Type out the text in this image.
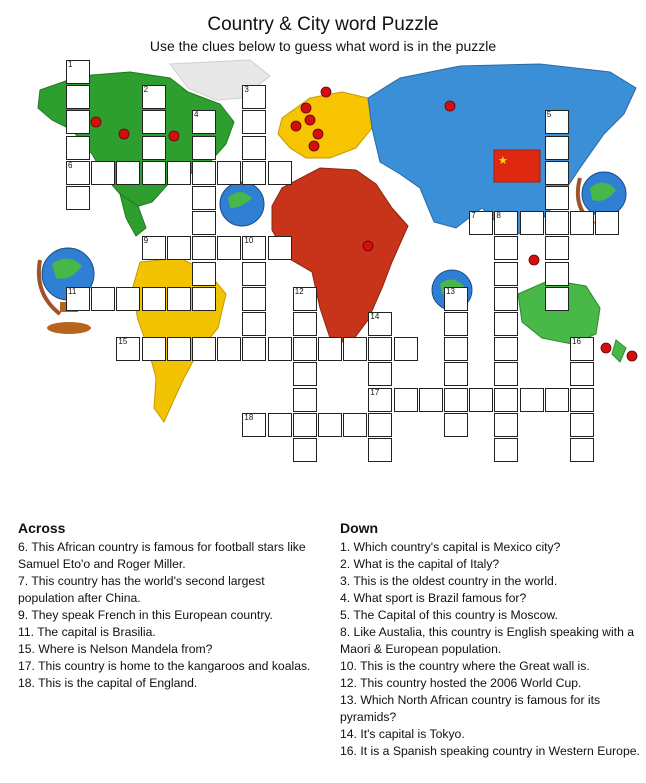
Country & City word Puzzle
Use the clues below to guess what word is in the puzzle
★
1
2	3
4	5
6
7	8
9	10
11	12	13
14
15	16
17
18
Across

6. This African country is famous for football stars like Samuel Eto'o and Roger Miller.

7. This country has the world's second largest population after China.

9. They speak French in this European country.

11. The capital is Brasilia.

15. Where is Nelson Mandela from?

17. This country is home to the kangaroos and koalas.

18. This is the capital of England.

Down

1. Which country's capital is Mexico city?

2. What is the capital of Italy?

3. This is the oldest country in the world.

4. What sport is Brazil famous for?

5. The Capital of this country is Moscow.

8. Like Austalia, this country is English speaking with a Maori & European population.

10. This is the country where the Great wall is.

12. This country hosted the 2006 World Cup.

13. Which North African country is famous for its pyramids?

14. It's capital is Tokyo.

16. It is a Spanish speaking country in Western Europe.
